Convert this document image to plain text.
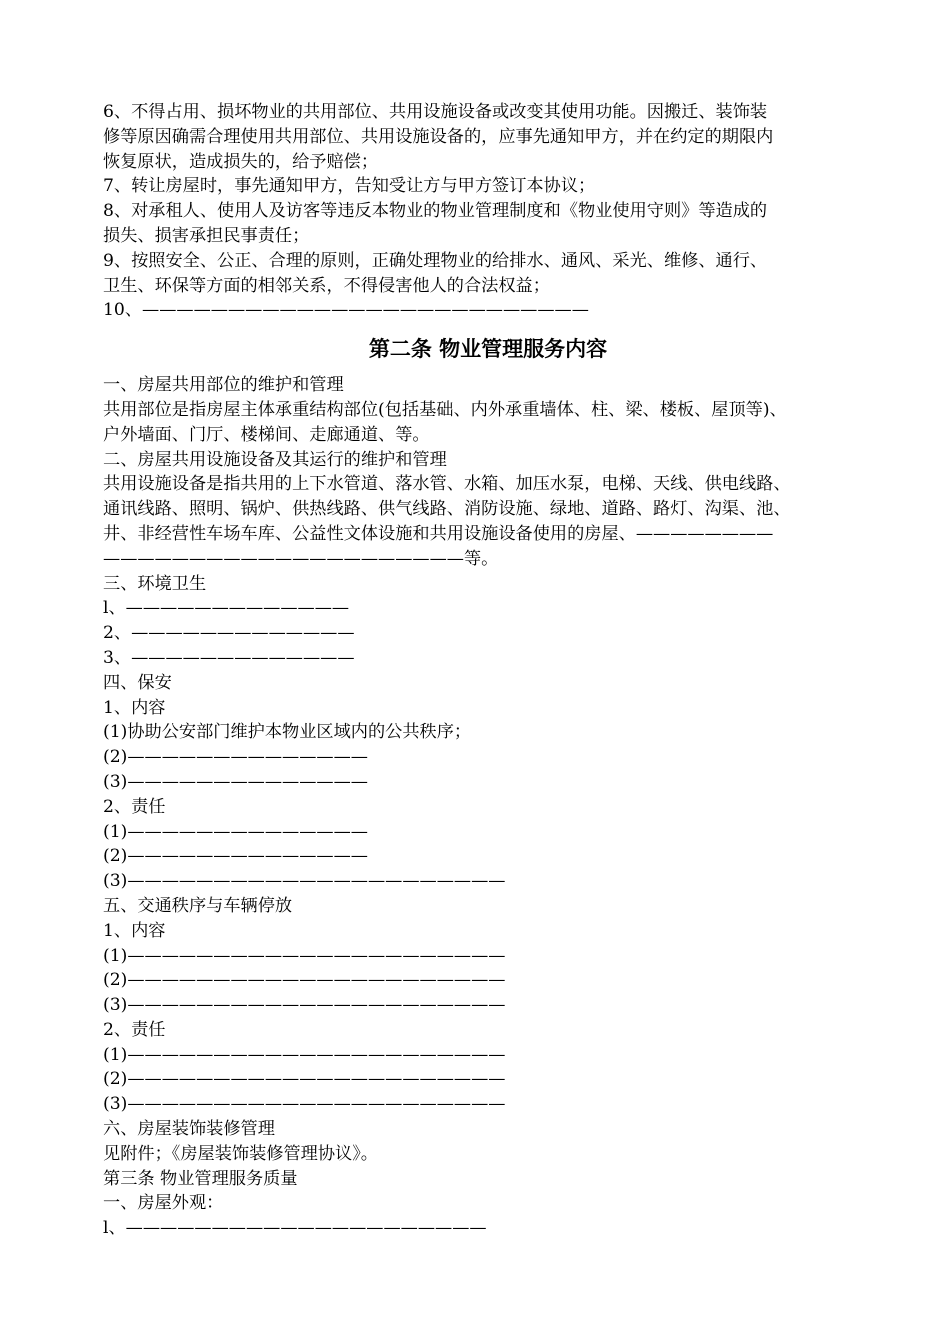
6、不得占用、损坏物业的共用部位、共用设施设备或改变其使用功能。因搬迁、装饰装

修等原因确需合理使用共用部位、共用设施设备的，应事先通知甲方，并在约定的期限内

恢复原状，造成损失的，给予赔偿；

7、转让房屋时，事先通知甲方，告知受让方与甲方签订本协议；

8、对承租人、使用人及访客等违反本物业的物业管理制度和《物业使用守则》等造成的

损失、损害承担民事责任；

9、按照安全、公正、合理的原则，正确处理物业的给排水、通风、采光、维修、通行、

卫生、环保等方面的相邻关系，不得侵害他人的合法权益；

10、——————————————————————————

第二条 物业管理服务内容

一、房屋共用部位的维护和管理

共用部位是指房屋主体承重结构部位(包括基础、内外承重墙体、柱、梁、楼板、屋顶等)、

户外墙面、门厅、楼梯间、走廊通道、等。

二、房屋共用设施设备及其运行的维护和管理

共用设施设备是指共用的上下水管道、落水管、水箱、加压水泵，电梯、天线、供电线路、

通讯线路、照明、锅炉、供热线路、供气线路、消防设施、绿地、道路、路灯、沟渠、池、

井、非经营性车场车库、公益性文体设施和共用设施设备使用的房屋、————————

—————————————————————等。

三、环境卫生

l、—————————————

2、—————————————

3、—————————————

四、保安

1、内容

(1)协助公安部门维护本物业区域内的公共秩序；

(2)——————————————

(3)——————————————

2、责任

(1)——————————————

(2)——————————————

(3)——————————————————————

五、交通秩序与车辆停放

1、内容

(1)——————————————————————

(2)——————————————————————

(3)——————————————————————

2、责任

(1)——————————————————————

(2)——————————————————————

(3)——————————————————————

六、房屋装饰装修管理

见附件；《房屋装饰装修管理协议》。

第三条 物业管理服务质量

一、房屋外观：

l、—————————————————————
